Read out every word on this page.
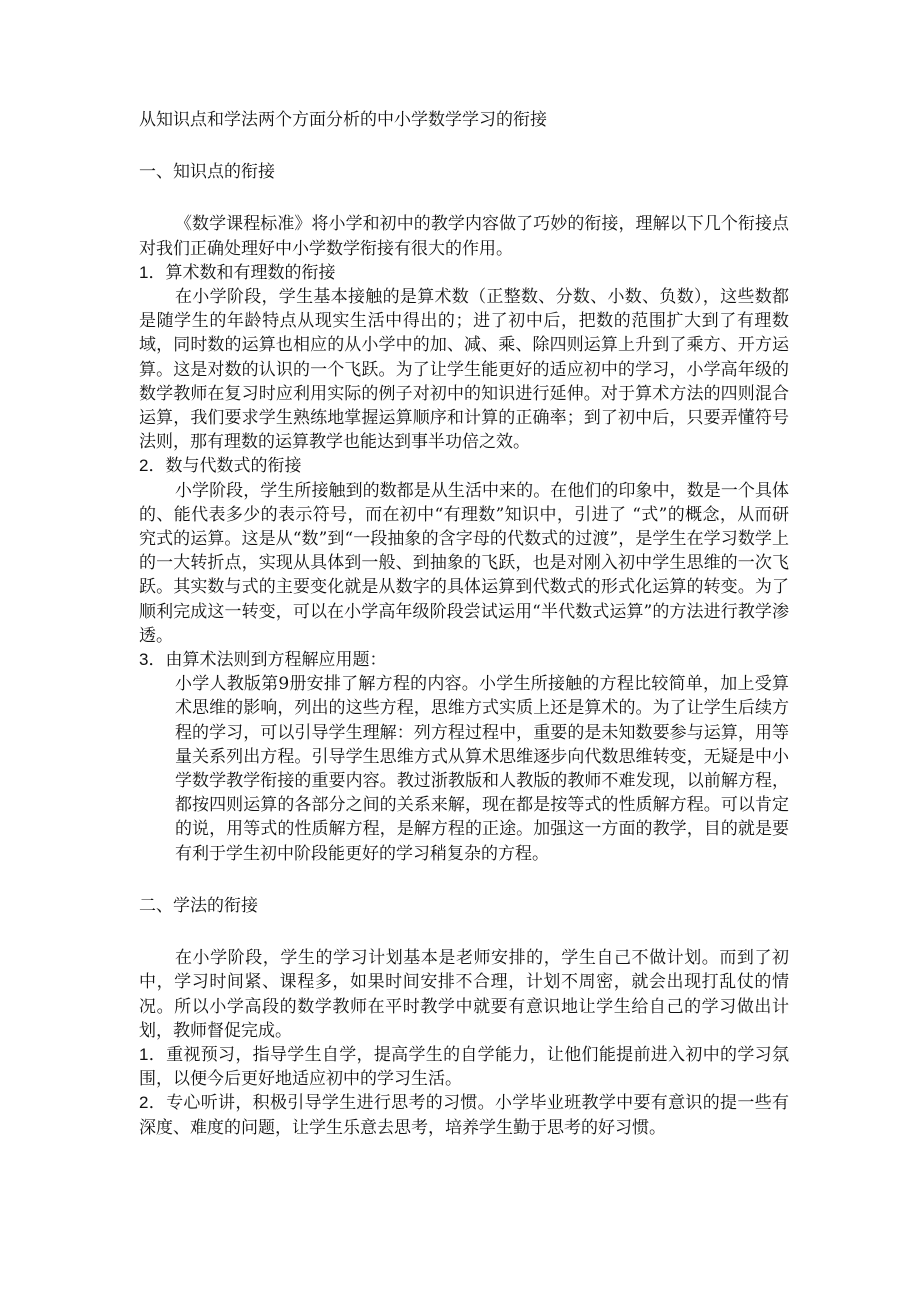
从知识点和学法两个方面分析的中小学数学学习的衔接

一、知识点的衔接

《数学课程标准》将小学和初中的教学内容做了巧妙的衔接，理解以下几个衔接点对我们正确处理好中小学数学衔接有很大的作用。

1．算术数和有理数的衔接

在小学阶段，学生基本接触的是算术数（正整数、分数、小数、负数），这些数都是随学生的年龄特点从现实生活中得出的；进了初中后，把数的范围扩大到了有理数域，同时数的运算也相应的从小学中的加、减、乘、除四则运算上升到了乘方、开方运算。这是对数的认识的一个飞跃。为了让学生能更好的适应初中的学习，小学高年级的数学教师在复习时应利用实际的例子对初中的知识进行延伸。对于算术方法的四则混合运算，我们要求学生熟练地掌握运算顺序和计算的正确率；到了初中后，只要弄懂符号法则，那有理数的运算教学也能达到事半功倍之效。

2．数与代数式的衔接

小学阶段，学生所接触到的数都是从生活中来的。在他们的印象中，数是一个具体的、能代表多少的表示符号，而在初中“有理数”知识中，引进了 “式”的概念，从而研究式的运算。这是从“数”到“一段抽象的含字母的代数式的过渡”，是学生在学习数学上的一大转折点，实现从具体到一般、到抽象的飞跃，也是对刚入初中学生思维的一次飞跃。其实数与式的主要变化就是从数字的具体运算到代数式的形式化运算的转变。为了顺利完成这一转变，可以在小学高年级阶段尝试运用“半代数式运算”的方法进行教学渗透。

3．由算术法则到方程解应用题：

小学人教版第9册安排了解方程的内容。小学生所接触的方程比较简单，加上受算术思维的影响，列出的这些方程，思维方式实质上还是算术的。为了让学生后续方程的学习，可以引导学生理解：列方程过程中，重要的是未知数要参与运算，用等量关系列出方程。引导学生思维方式从算术思维逐步向代数思维转变，无疑是中小学数学教学衔接的重要内容。教过浙教版和人教版的教师不难发现，以前解方程，都按四则运算的各部分之间的关系来解，现在都是按等式的性质解方程。可以肯定的说，用等式的性质解方程，是解方程的正途。加强这一方面的教学，目的就是要有利于学生初中阶段能更好的学习稍复杂的方程。

二、学法的衔接

在小学阶段，学生的学习计划基本是老师安排的，学生自己不做计划。而到了初中，学习时间紧、课程多，如果时间安排不合理，计划不周密，就会出现打乱仗的情况。所以小学高段的数学教师在平时教学中就要有意识地让学生给自己的学习做出计划，教师督促完成。

1．重视预习，指导学生自学，提高学生的自学能力，让他们能提前进入初中的学习氛围，以便今后更好地适应初中的学习生活。

2．专心听讲，积极引导学生进行思考的习惯。小学毕业班教学中要有意识的提一些有深度、难度的问题，让学生乐意去思考，培养学生勤于思考的好习惯。
